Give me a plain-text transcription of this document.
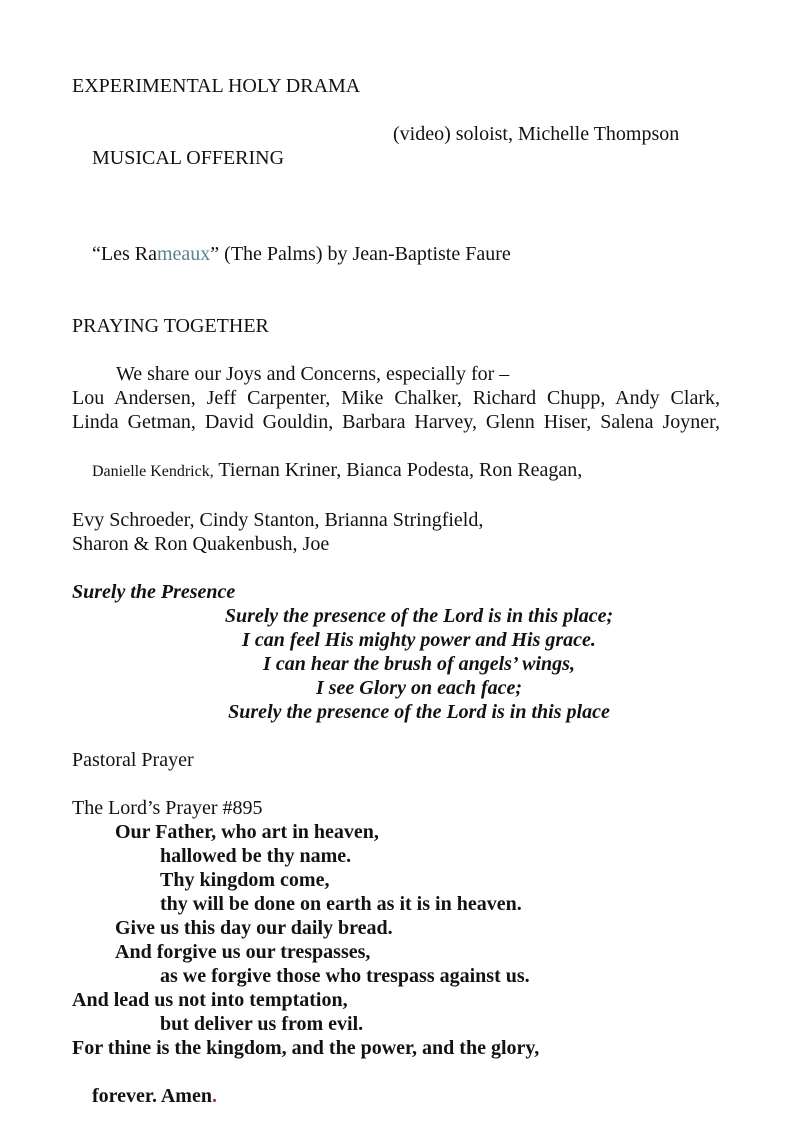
EXPERIMENTAL HOLY DRAMA

MUSICAL OFFERING

(video) soloist, Michelle Thompson

“Les Rameaux” (The Palms) by Jean-Baptiste Faure

PRAYING TOGETHER
We share our Joys and Concerns, especially for –
Lou Andersen, Jeff Carpenter, Mike Chalker, Richard Chupp, Andy Clark,
Linda Getman, David Gouldin, Barbara Harvey, Glenn Hiser, Salena Joyner,

Danielle Kendrick, Tiernan Kriner, Bianca Podesta, Ron Reagan,

Evy Schroeder, Cindy Stanton, Brianna Stringfield,
Sharon & Ron Quakenbush, Joe
Surely the Presence
Surely the presence of the Lord is in this place;
I can feel His mighty power and His grace.
I can hear the brush of angels’ wings,
I see Glory on each face;
Surely the presence of the Lord is in this place
Pastoral Prayer
The Lord’s Prayer #895
Our Father, who art in heaven,
hallowed be thy name.
Thy kingdom come,
thy will be done on earth as it is in heaven.
Give us this day our daily bread.
And forgive us our trespasses,
as we forgive those who trespass against us.
And lead us not into temptation,
but deliver us from evil.
For thine is the kingdom, and the power, and the glory,

forever. Amen.
